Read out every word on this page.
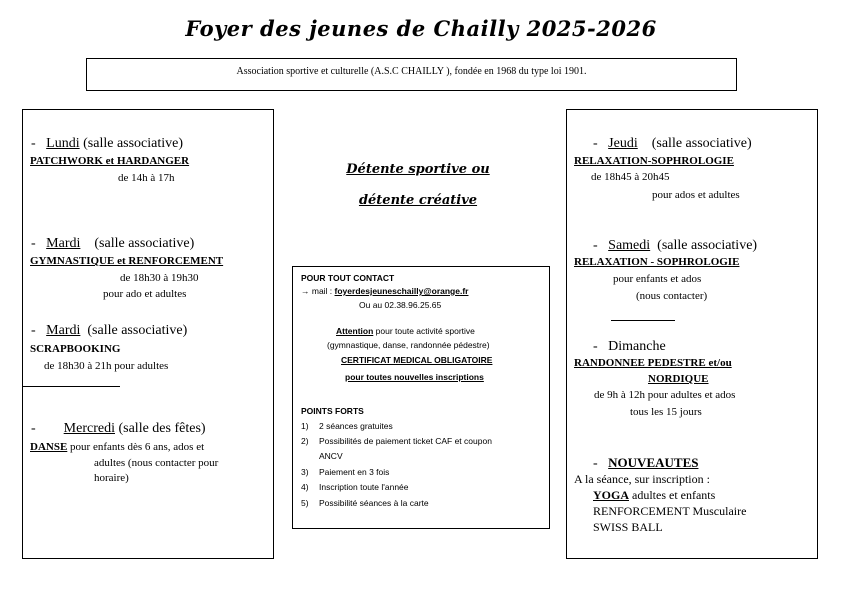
Foyer des jeunes de Chailly 2025-2026
Association sportive et culturelle (A.S.C CHAILLY ), fondée en 1968 du type loi 1901.
- Lundi (salle associative)
PATCHWORK et HARDANGER
de 14h à 17h
- Mardi (salle associative)
GYMNASTIQUE et RENFORCEMENT
de 18h30 à 19h30
pour ado et adultes
- Mardi (salle associative)
SCRAPBOOKING
de 18h30 à 21h pour adultes
- Mercredi (salle des fêtes)
DANSE pour enfants dès 6 ans, ados et
adultes (nous contacter pour
horaire)
Détente sportive ou
détente créative
POUR TOUT CONTACT
→ mail : foyerdesjeuneschailly@orange.fr
Ou au 02.38.96.25.65
Attention pour toute activité sportive
(gymnastique, danse, randonnée pédestre)
CERTIFICAT MEDICAL OBLIGATOIRE
pour toutes nouvelles inscriptions
POINTS FORTS
1) 2 séances gratuites
2) Possibilités de paiement ticket CAF et coupon
ANCV
3) Paiement en 3 fois
4) Inscription toute l'année
5) Possibilité séances à la carte
- Jeudi (salle associative)
RELAXATION-SOPHROLOGIE
de 18h45 à 20h45
pour ados et adultes
- Samedi (salle associative)
RELAXATION - SOPHROLOGIE
pour enfants et ados
(nous contacter)
- Dimanche
RANDONNEE PEDESTRE et/ou
NORDIQUE
de 9h à 12h pour adultes et ados
tous les 15 jours
- NOUVEAUTES
A la séance, sur inscription :
YOGA adultes et enfants
RENFORCEMENT Musculaire
SWISS BALL
